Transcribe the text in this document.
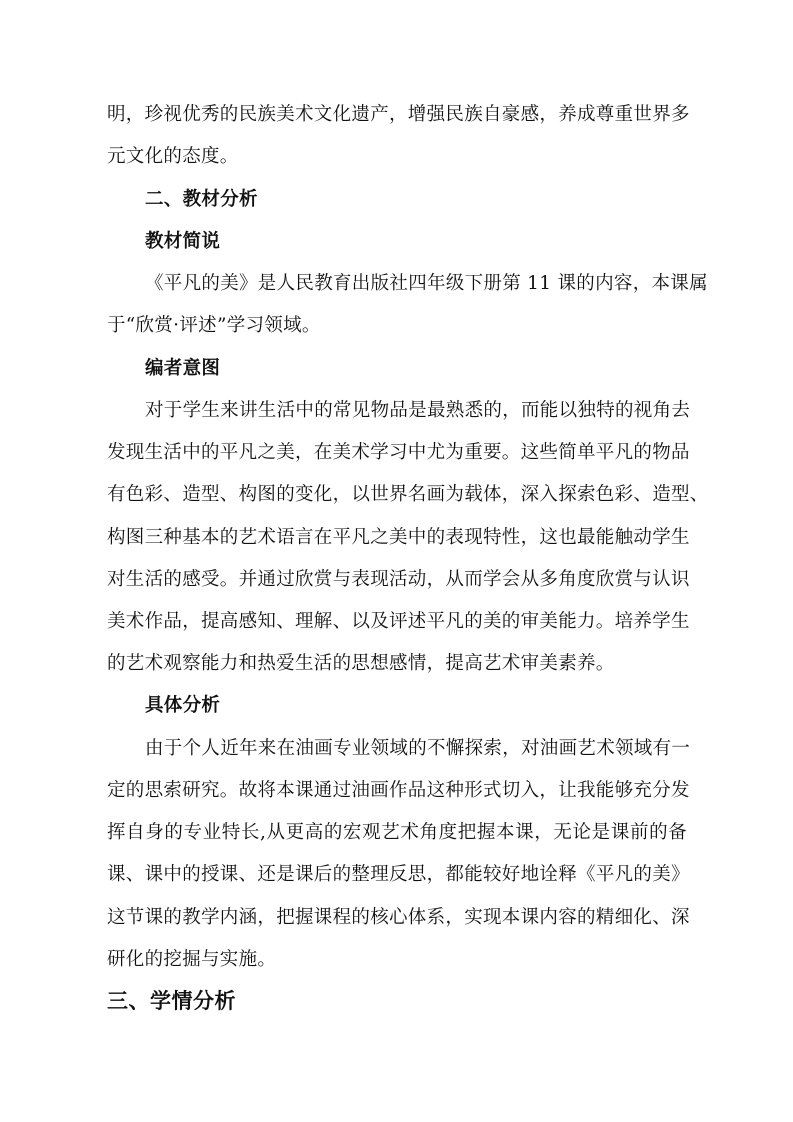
明，珍视优秀的民族美术文化遗产，增强民族自豪感，养成尊重世界多
元文化的态度。
二、教材分析
教材简说
《平凡的美》是人民教育出版社四年级下册第 11 课的内容，本课属
于“欣赏·评述”学习领域。
编者意图
对于学生来讲生活中的常见物品是最熟悉的，而能以独特的视角去
发现生活中的平凡之美，在美术学习中尤为重要。这些简单平凡的物品
有色彩、造型、构图的变化，以世界名画为载体，深入探索色彩、造型、
构图三种基本的艺术语言在平凡之美中的表现特性，这也最能触动学生
对生活的感受。并通过欣赏与表现活动，从而学会从多角度欣赏与认识
美术作品，提高感知、理解、以及评述平凡的美的审美能力。培养学生
的艺术观察能力和热爱生活的思想感情，提高艺术审美素养。
具体分析
由于个人近年来在油画专业领域的不懈探索，对油画艺术领域有一
定的思索研究。故将本课通过油画作品这种形式切入，让我能够充分发
挥自身的专业特长,从更高的宏观艺术角度把握本课，无论是课前的备
课、课中的授课、还是课后的整理反思，都能较好地诠释《平凡的美》
这节课的教学内涵，把握课程的核心体系，实现本课内容的精细化、深
研化的挖掘与实施。
三、学情分析
